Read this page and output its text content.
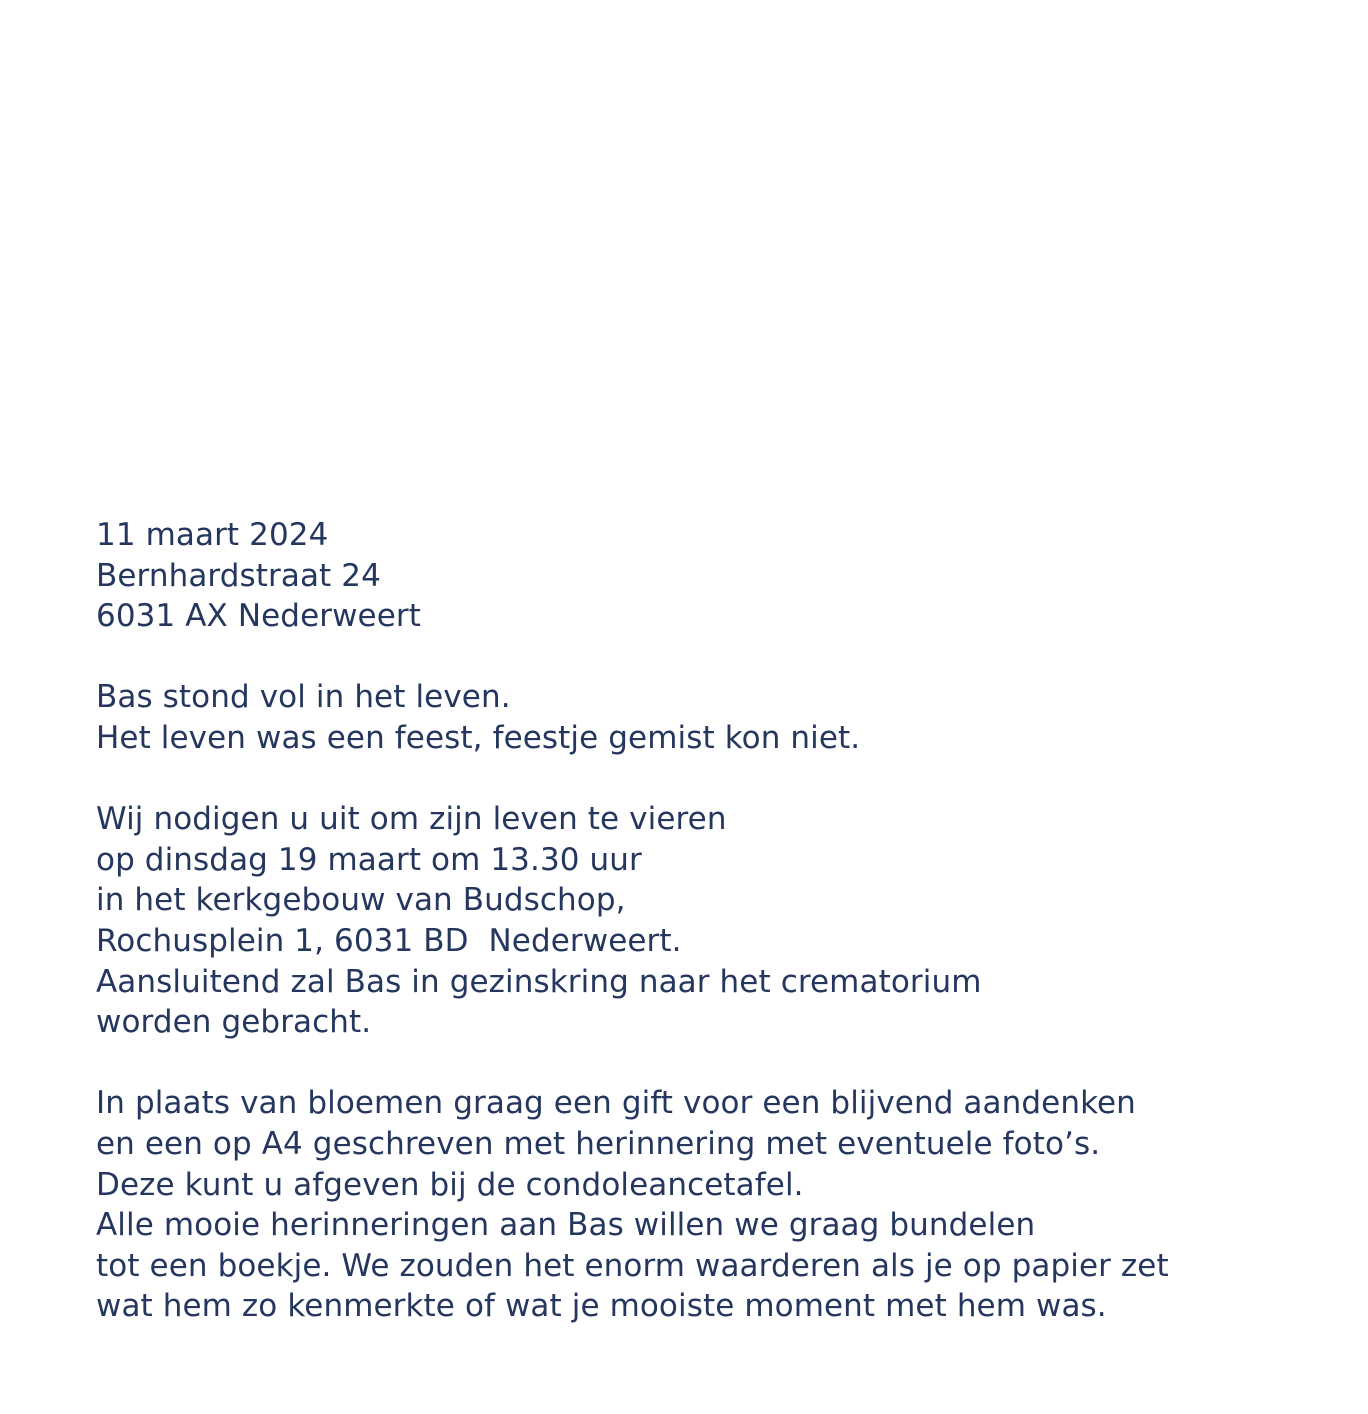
11 maart 2024
Bernhardstraat 24
6031 AX Nederweert
Bas stond vol in het leven.
Het leven was een feest, feestje gemist kon niet.
Wij nodigen u uit om zijn leven te vieren
op dinsdag 19 maart om 13.30 uur
in het kerkgebouw van Budschop,
Rochusplein 1, 6031 BD  Nederweert.
Aansluitend zal Bas in gezinskring naar het crematorium
worden gebracht.
In plaats van bloemen graag een gift voor een blijvend aandenken
en een op A4 geschreven met herinnering met eventuele foto’s.
Deze kunt u afgeven bij de condoleancetafel.
Alle mooie herinneringen aan Bas willen we graag bundelen
tot een boekje. We zouden het enorm waarderen als je op papier zet
wat hem zo kenmerkte of wat je mooiste moment met hem was.
